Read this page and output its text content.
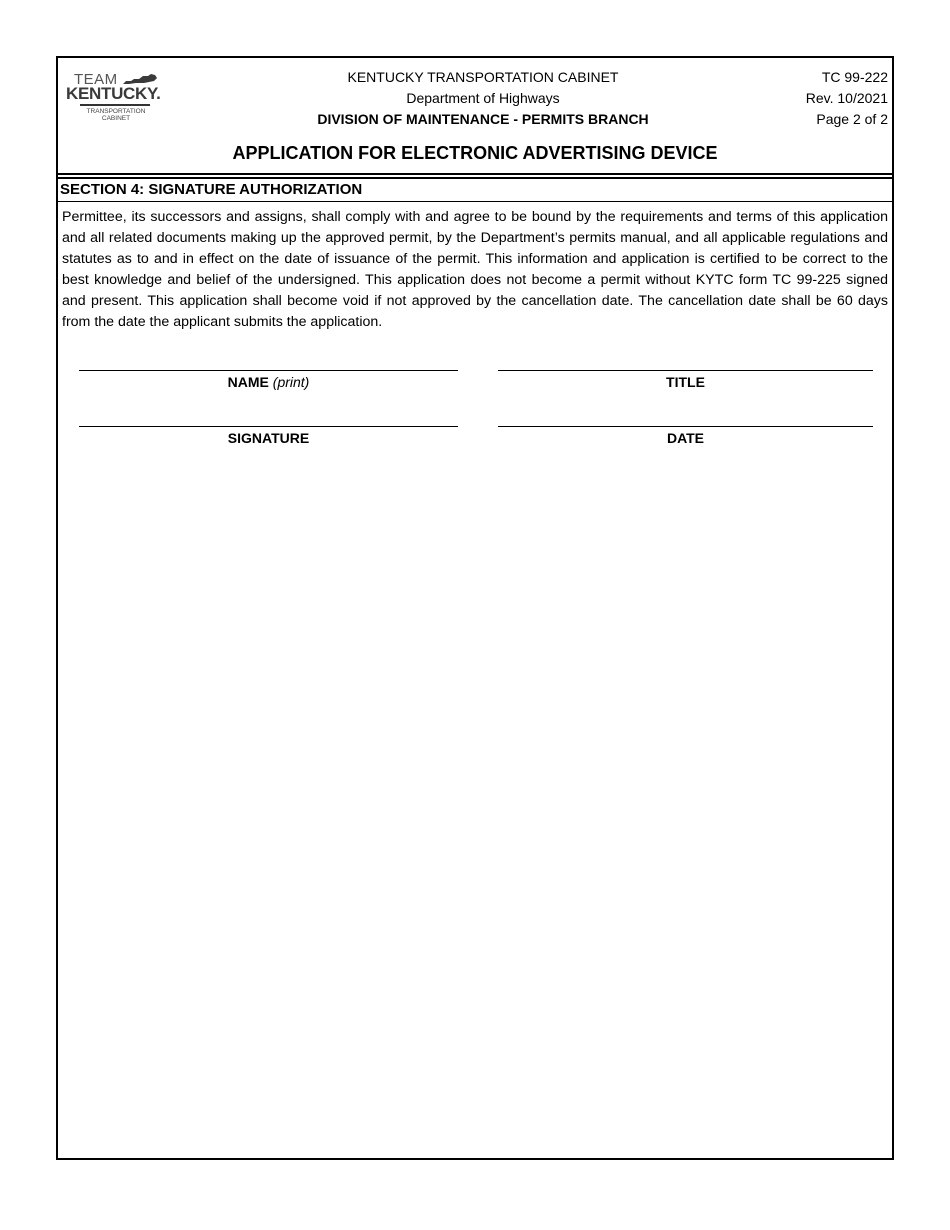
TEAM
KENTUCKY.
TRANSPORTATION
CABINET
KENTUCKY TRANSPORTATION CABINET
Department of Highways
DIVISION OF MAINTENANCE - PERMITS BRANCH
TC 99-222
Rev. 10/2021
Page 2 of 2
APPLICATION FOR ELECTRONIC ADVERTISING DEVICE
SECTION 4: SIGNATURE AUTHORIZATION
Permittee, its successors and assigns, shall comply with and agree to be bound by the requirements and terms of this application and all related documents making up the approved permit, by the Department’s permits manual, and all applicable regulations and statutes as to and in effect on the date of issuance of the permit. This information and application is certified to be correct to the best knowledge and belief of the undersigned. This application does not become a permit without KYTC form TC 99-225 signed and present. This application shall become void if not approved by the cancellation date. The cancellation date shall be 60 days from the date the applicant submits the application.
NAME (print)	TITLE
SIGNATURE	DATE
